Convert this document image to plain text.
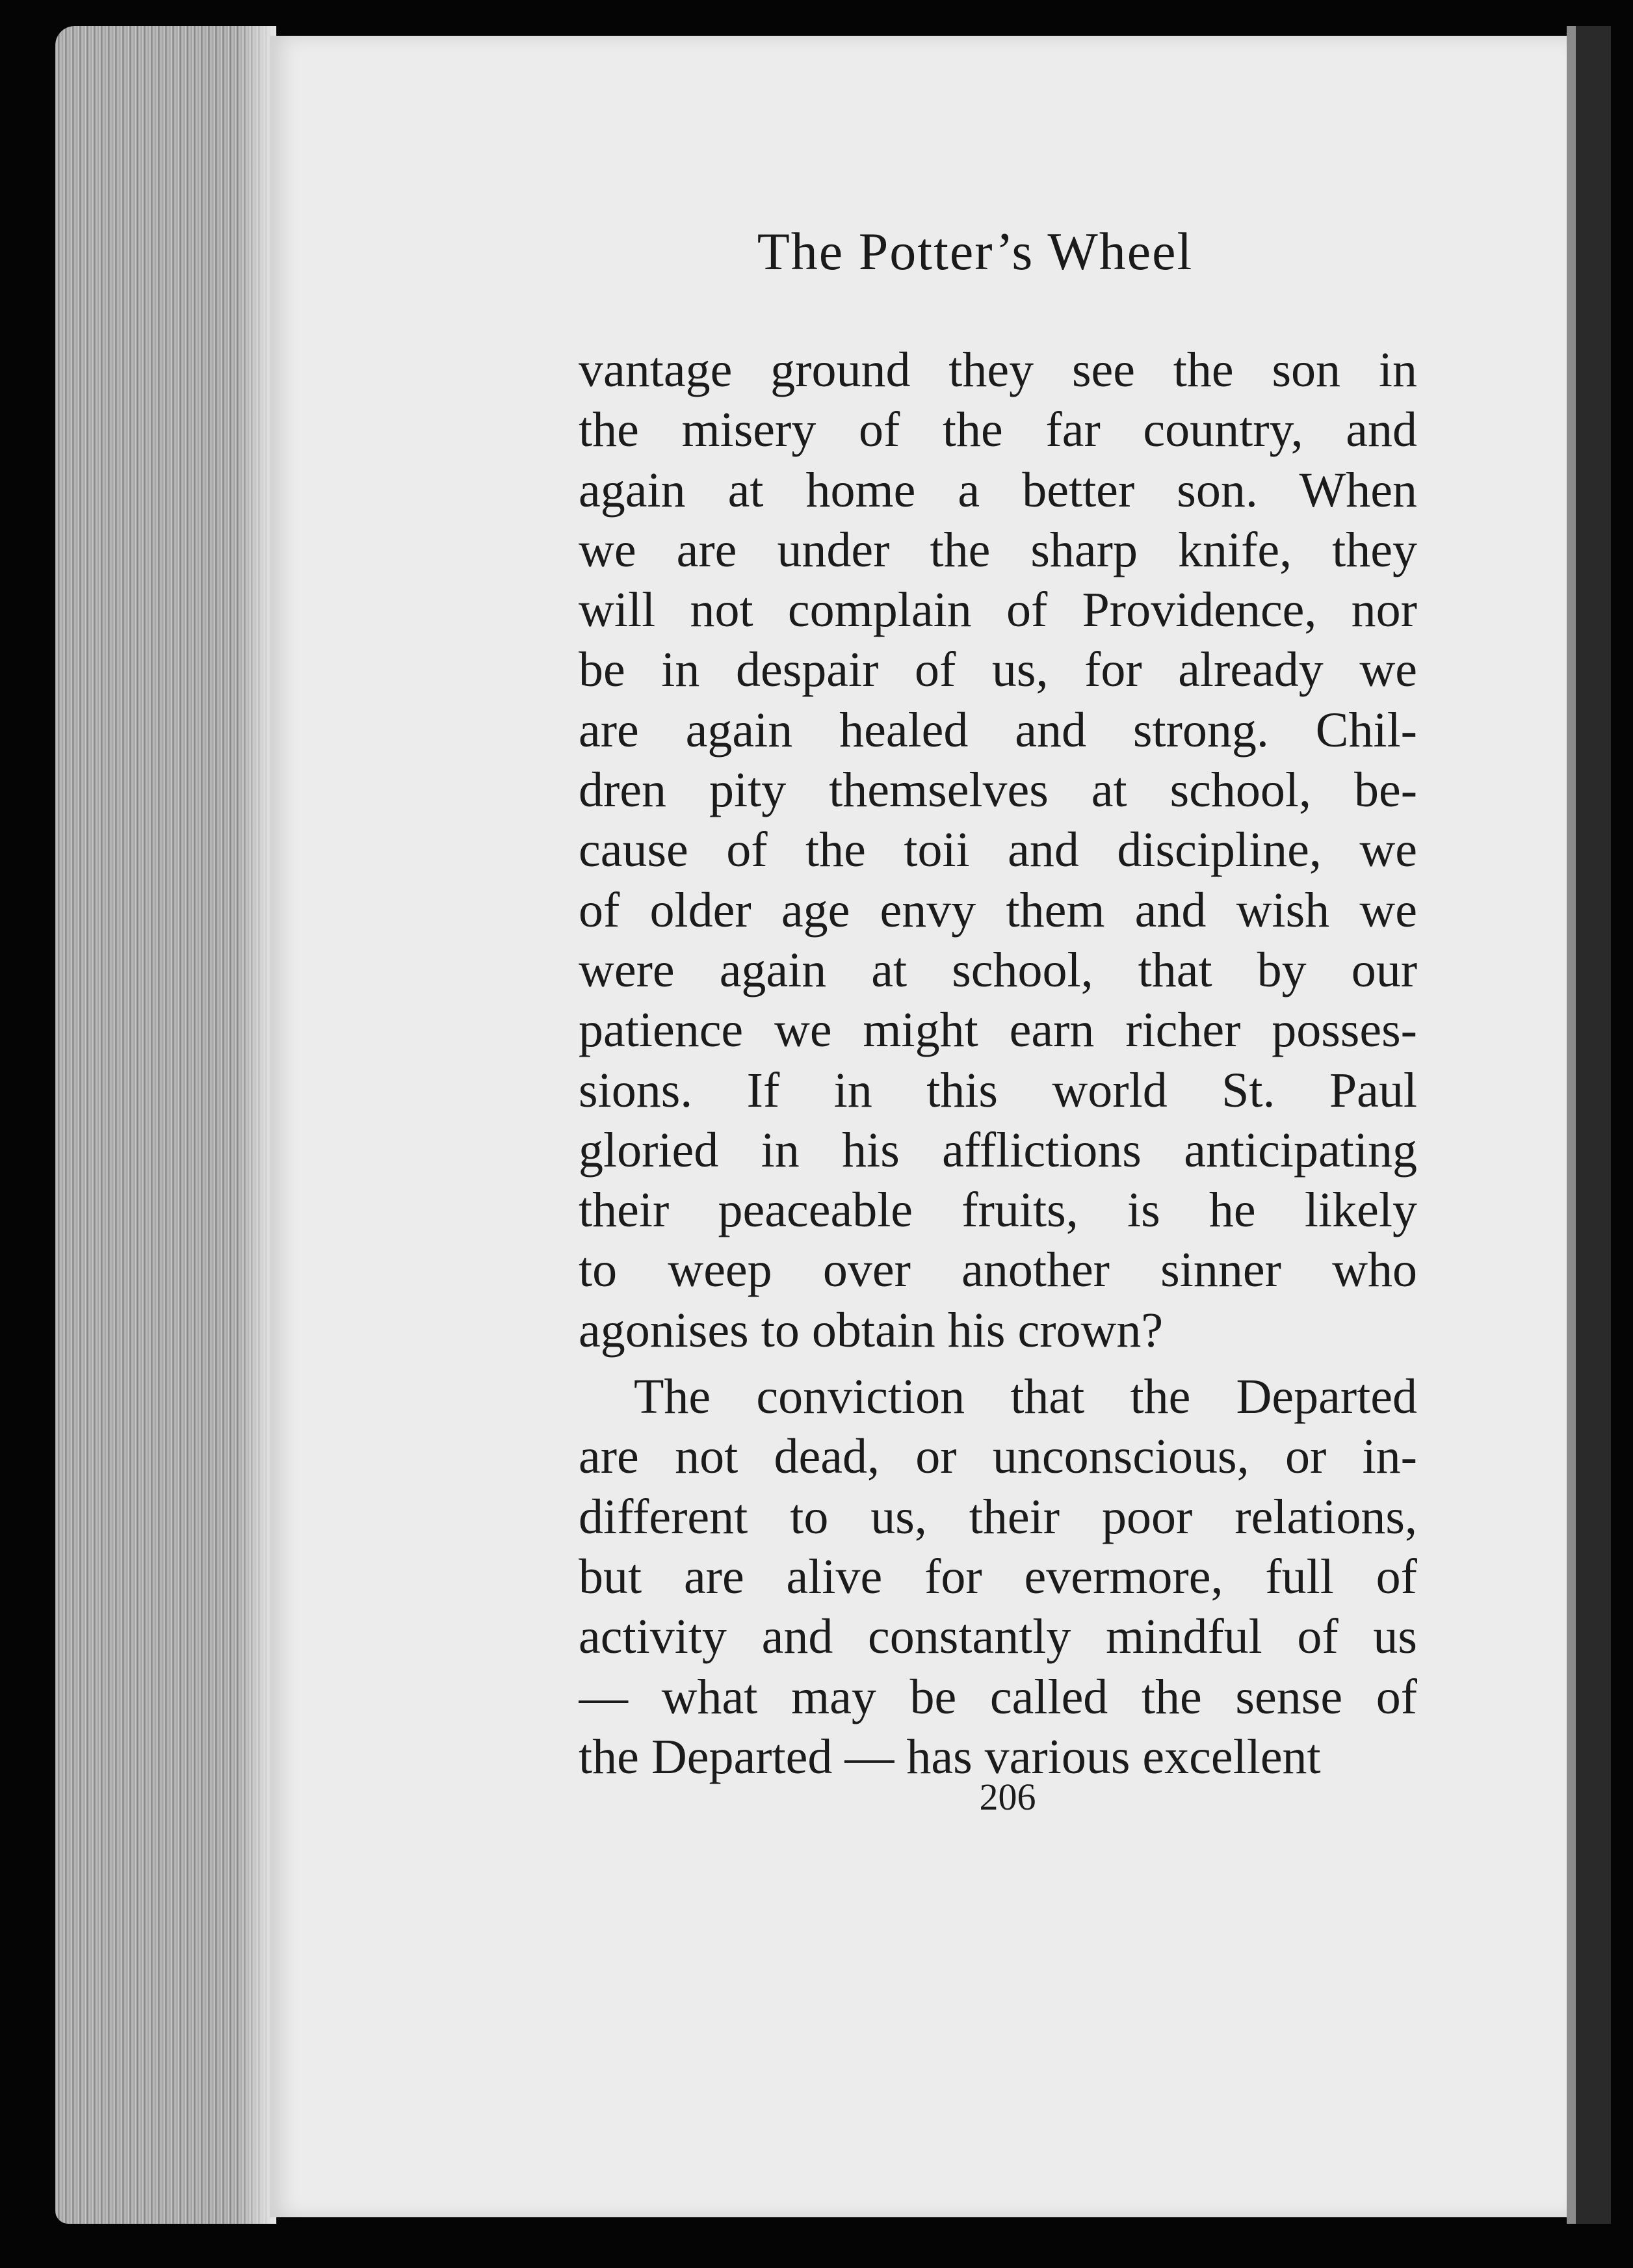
The Potter’s Wheel
vantage ground they see the son in
the misery of the far country, and
again at home a better son. When
we are under the sharp knife, they
will not complain of Providence, nor
be in despair of us, for already we
are again healed and strong. Chil-
dren pity themselves at school, be-
cause of the toii and discipline, we
of older age envy them and wish we
were again at school, that by our
patience we might earn richer posses-
sions. If in this world St. Paul
gloried in his afflictions anticipating
their peaceable fruits, is he likely
to weep over another sinner who
agonises to obtain his crown?
The conviction that the Departed
are not dead, or unconscious, or in-
different to us, their poor relations,
but are alive for evermore, full of
activity and constantly mindful of us
— what may be called the sense of
the Departed — has various excellent
206
